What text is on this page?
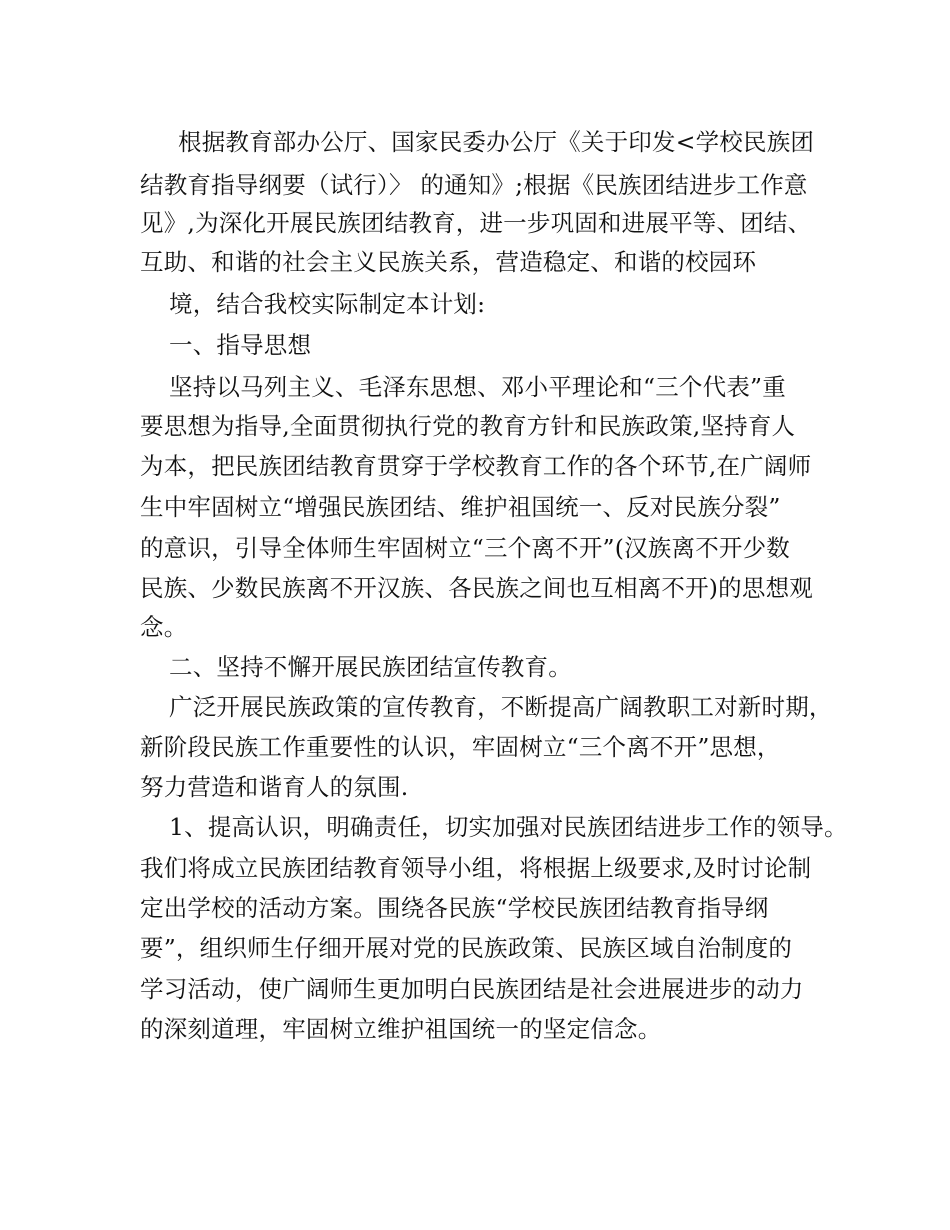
根据教育部办公厅、国家民委办公厅《关于印发<学校民族团
结教育指导纲要（试行）〉 的通知》;根据《民族团结进步工作意
见》,为深化开展民族团结教育，进一步巩固和进展平等、团结、
互助、和谐的社会主义民族关系，营造稳定、和谐的校园环
境，结合我校实际制定本计划:
一、指导思想
坚持以马列主义、毛泽东思想、邓小平理论和“三个代表”重
要思想为指导,全面贯彻执行党的教育方针和民族政策,坚持育人
为本，把民族团结教育贯穿于学校教育工作的各个环节,在广阔师
生中牢固树立“增强民族团结、维护祖国统一、反对民族分裂”
的意识，引导全体师生牢固树立“三个离不开”(汉族离不开少数
民族、少数民族离不开汉族、各民族之间也互相离不开)的思想观
念。
二、坚持不懈开展民族团结宣传教育。
广泛开展民族政策的宣传教育，不断提高广阔教职工对新时期，
新阶段民族工作重要性的认识，牢固树立“三个离不开”思想，
努力营造和谐育人的氛围.
1、提高认识，明确责任，切实加强对民族团结进步工作的领导。
我们将成立民族团结教育领导小组，将根据上级要求,及时讨论制
定出学校的活动方案。围绕各民族“学校民族团结教育指导纲
要”，组织师生仔细开展对党的民族政策、民族区域自治制度的
学习活动，使广阔师生更加明白民族团结是社会进展进步的动力
的深刻道理，牢固树立维护祖国统一的坚定信念。
